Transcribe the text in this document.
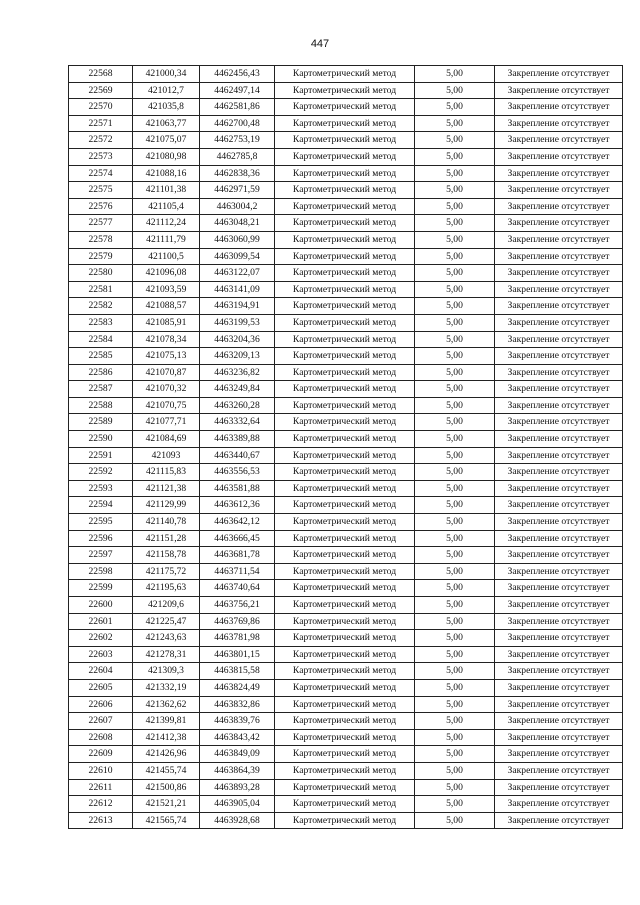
447
22568	421000,34	4462456,43	Картометрический метод	5,00	Закрепление отсутствует
22569	421012,7	4462497,14	Картометрический метод	5,00	Закрепление отсутствует
22570	421035,8	4462581,86	Картометрический метод	5,00	Закрепление отсутствует
22571	421063,77	4462700,48	Картометрический метод	5,00	Закрепление отсутствует
22572	421075,07	4462753,19	Картометрический метод	5,00	Закрепление отсутствует
22573	421080,98	4462785,8	Картометрический метод	5,00	Закрепление отсутствует
22574	421088,16	4462838,36	Картометрический метод	5,00	Закрепление отсутствует
22575	421101,38	4462971,59	Картометрический метод	5,00	Закрепление отсутствует
22576	421105,4	4463004,2	Картометрический метод	5,00	Закрепление отсутствует
22577	421112,24	4463048,21	Картометрический метод	5,00	Закрепление отсутствует
22578	421111,79	4463060,99	Картометрический метод	5,00	Закрепление отсутствует
22579	421100,5	4463099,54	Картометрический метод	5,00	Закрепление отсутствует
22580	421096,08	4463122,07	Картометрический метод	5,00	Закрепление отсутствует
22581	421093,59	4463141,09	Картометрический метод	5,00	Закрепление отсутствует
22582	421088,57	4463194,91	Картометрический метод	5,00	Закрепление отсутствует
22583	421085,91	4463199,53	Картометрический метод	5,00	Закрепление отсутствует
22584	421078,34	4463204,36	Картометрический метод	5,00	Закрепление отсутствует
22585	421075,13	4463209,13	Картометрический метод	5,00	Закрепление отсутствует
22586	421070,87	4463236,82	Картометрический метод	5,00	Закрепление отсутствует
22587	421070,32	4463249,84	Картометрический метод	5,00	Закрепление отсутствует
22588	421070,75	4463260,28	Картометрический метод	5,00	Закрепление отсутствует
22589	421077,71	4463332,64	Картометрический метод	5,00	Закрепление отсутствует
22590	421084,69	4463389,88	Картометрический метод	5,00	Закрепление отсутствует
22591	421093	4463440,67	Картометрический метод	5,00	Закрепление отсутствует
22592	421115,83	4463556,53	Картометрический метод	5,00	Закрепление отсутствует
22593	421121,38	4463581,88	Картометрический метод	5,00	Закрепление отсутствует
22594	421129,99	4463612,36	Картометрический метод	5,00	Закрепление отсутствует
22595	421140,78	4463642,12	Картометрический метод	5,00	Закрепление отсутствует
22596	421151,28	4463666,45	Картометрический метод	5,00	Закрепление отсутствует
22597	421158,78	4463681,78	Картометрический метод	5,00	Закрепление отсутствует
22598	421175,72	4463711,54	Картометрический метод	5,00	Закрепление отсутствует
22599	421195,63	4463740,64	Картометрический метод	5,00	Закрепление отсутствует
22600	421209,6	4463756,21	Картометрический метод	5,00	Закрепление отсутствует
22601	421225,47	4463769,86	Картометрический метод	5,00	Закрепление отсутствует
22602	421243,63	4463781,98	Картометрический метод	5,00	Закрепление отсутствует
22603	421278,31	4463801,15	Картометрический метод	5,00	Закрепление отсутствует
22604	421309,3	4463815,58	Картометрический метод	5,00	Закрепление отсутствует
22605	421332,19	4463824,49	Картометрический метод	5,00	Закрепление отсутствует
22606	421362,62	4463832,86	Картометрический метод	5,00	Закрепление отсутствует
22607	421399,81	4463839,76	Картометрический метод	5,00	Закрепление отсутствует
22608	421412,38	4463843,42	Картометрический метод	5,00	Закрепление отсутствует
22609	421426,96	4463849,09	Картометрический метод	5,00	Закрепление отсутствует
22610	421455,74	4463864,39	Картометрический метод	5,00	Закрепление отсутствует
22611	421500,86	4463893,28	Картометрический метод	5,00	Закрепление отсутствует
22612	421521,21	4463905,04	Картометрический метод	5,00	Закрепление отсутствует
22613	421565,74	4463928,68	Картометрический метод	5,00	Закрепление отсутствует
